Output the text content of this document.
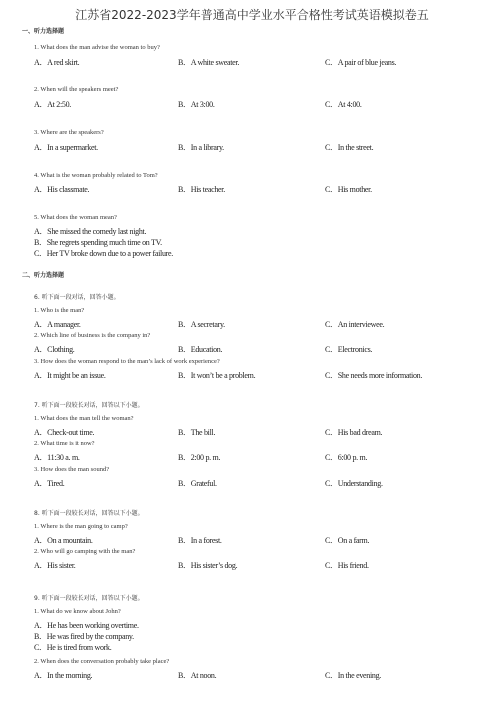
江苏省2022-2023学年普通高中学业水平合格性考试英语模拟卷五
一、听力选择题
1. What does the man advise the woman to buy?
A．A red skirt.	B．A white sweater.	C．A pair of blue jeans.
2. When will the speakers meet?
A．At 2:50.	B．At 3:00.	C．At 4:00.
3. Where are the speakers?
A．In a supermarket.	B．In a library.	C．In the street.
4. What is the woman probably related to Tom?
A．His classmate.	B．His teacher.	C．His mother.
5. What does the woman mean?
A．She missed the comedy last night.
B．She regrets spending much time on TV.
C．Her TV broke down due to a power failure.
二、听力选择题
6. 听下面一段对话，回答小题。
1. Who is the man?
A．A manager.	B．A secretary.	C．An interviewee.
2. Which line of business is the company in?
A．Clothing.	B．Education.	C．Electronics.
3. How does the woman respond to the man’s lack of work experience?
A．It might be an issue.	B．It won’t be a problem.	C．She needs more information.
7. 听下面一段较长对话，回答以下小题。
1. What does the man tell the woman?
A．Check-out time.	B．The bill.	C．His bad dream.
2. What time is it now?
A．11:30 a. m.	B．2:00 p. m.	C．6:00 p. m.
3. How does the man sound?
A．Tired.	B．Grateful.	C．Understanding.
8. 听下面一段较长对话，回答以下小题。
1. Where is the man going to camp?
A．On a mountain.	B．In a forest.	C．On a farm.
2. Who will go camping with the man?
A．His sister.	B．His sister’s dog.	C．His friend.
9. 听下面一段较长对话，回答以下小题。
1. What do we know about John?
A．He has been working overtime.
B．He was fired by the company.
C．He is tired from work.
2. When does the conversation probably take place?
A．In the morning.	B．At noon.	C．In the evening.
